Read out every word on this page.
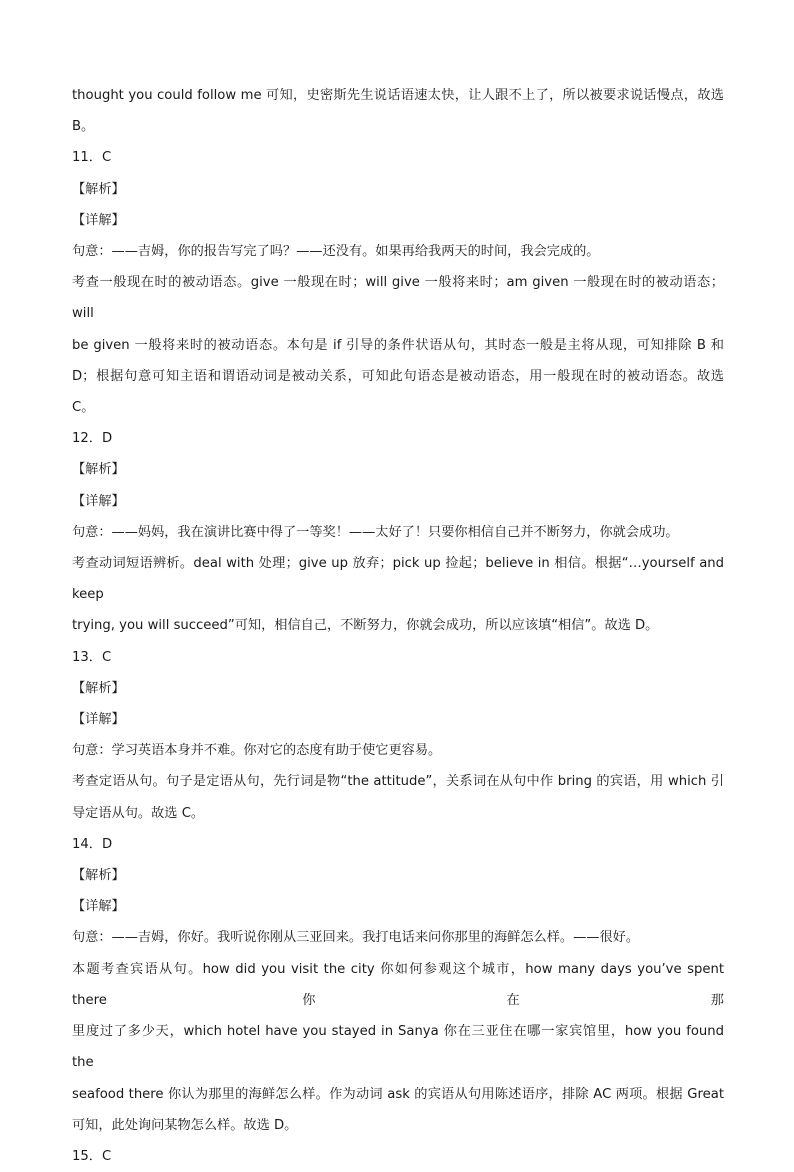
thought you could follow me 可知，史密斯先生说话语速太快，让人跟不上了，所以被要求说话慢点，故选
B。
11．C
【解析】
【详解】
句意：——吉姆，你的报告写完了吗？——还没有。如果再给我两天的时间，我会完成的。
考查一般现在时的被动语态。give 一般现在时；will give 一般将来时；am given 一般现在时的被动语态；will
be given 一般将来时的被动语态。本句是 if 引导的条件状语从句，其时态一般是主将从现，可知排除 B 和
D；根据句意可知主语和谓语动词是被动关系，可知此句语态是被动语态，用一般现在时的被动语态。故选
C。
12．D
【解析】
【详解】
句意：——妈妈，我在演讲比赛中得了一等奖！——太好了！只要你相信自己并不断努力，你就会成功。
考查动词短语辨析。deal with 处理；give up 放弃；pick up 捡起；believe in 相信。根据“…yourself and keep
trying, you will succeed”可知，相信自己，不断努力，你就会成功，所以应该填“相信”。故选 D。
13．C
【解析】
【详解】
句意：学习英语本身并不难。你对它的态度有助于使它更容易。
考查定语从句。句子是定语从句，先行词是物“the attitude”，关系词在从句中作 bring 的宾语，用 which 引
导定语从句。故选 C。
14．D
【解析】
【详解】
句意：——吉姆，你好。我听说你刚从三亚回来。我打电话来问你那里的海鲜怎么样。——很好。
本题考查宾语从句。how did you visit the city 你如何参观这个城市，how many days you’ve spent there 你在那
里度过了多少天，which hotel have you stayed in Sanya 你在三亚住在哪一家宾馆里，how you found the
seafood there 你认为那里的海鲜怎么样。作为动词 ask 的宾语从句用陈述语序，排除 AC 两项。根据 Great
可知，此处询问某物怎么样。故选 D。
15．C
